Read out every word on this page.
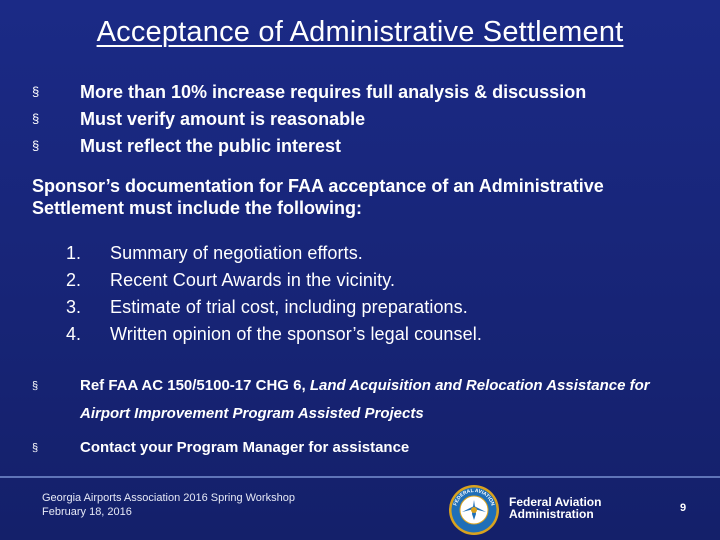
Acceptance of Administrative Settlement
§	More than 10% increase requires full analysis & discussion
§	Must verify amount is reasonable
§	Must reflect the public interest
Sponsor’s documentation for FAA acceptance of an Administrative Settlement must include the following:
1.	Summary of negotiation efforts.
2.	Recent Court Awards in the vicinity.
3.	Estimate of trial cost, including preparations.
4.	Written opinion of the sponsor’s legal counsel.
§	Ref FAA AC 150/5100-17 CHG 6, Land Acquisition and Relocation Assistance for
Airport Improvement Program Assisted Projects
§	Contact your Program Manager for assistance
Georgia Airports Association 2016 Spring Workshop
February 18, 2016
FEDERAL AVIATION Federal Aviation
Administration	9
